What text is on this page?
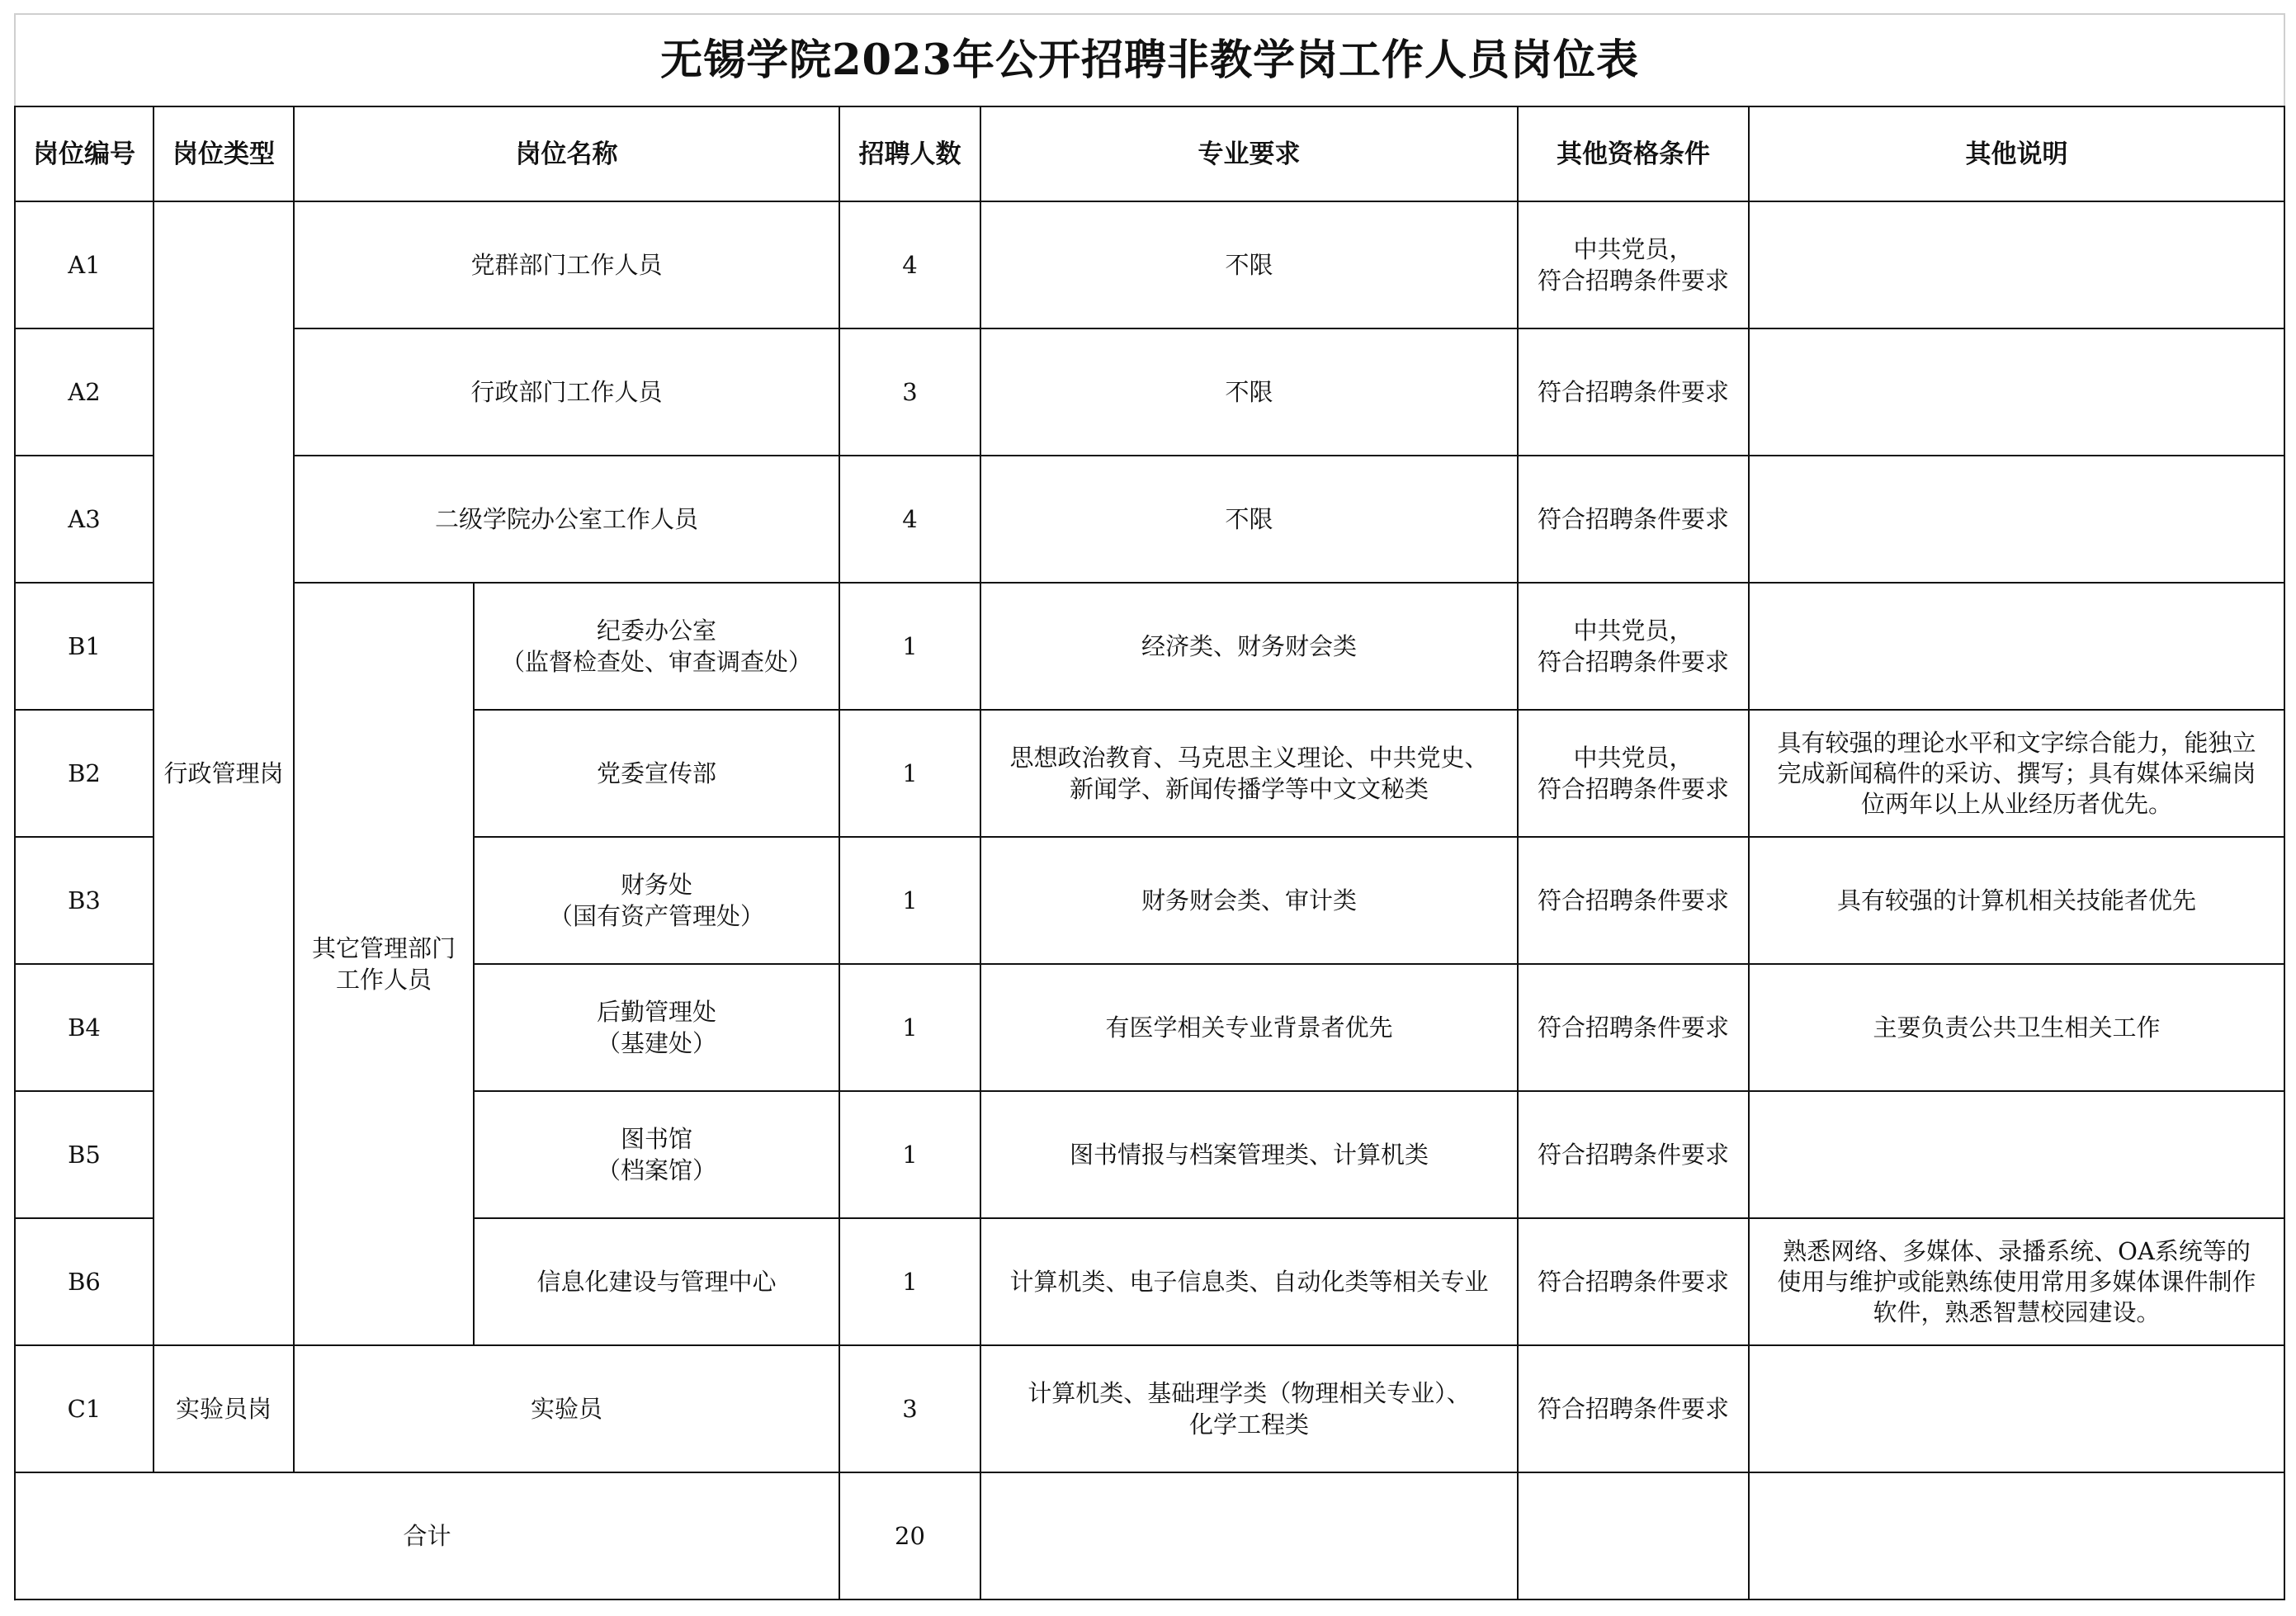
无锡学院2023年公开招聘非教学岗工作人员岗位表							
岗位编号	岗位类型	岗位名称		招聘人数	专业要求	其他资格条件	其他说明
A1	行政管理岗	党群部门工作人员		4	不限	中共党员，
符合招聘条件要求	

A2		行政部门工作人员		3	不限	符合招聘条件要求	
A3		二级学院办公室工作人员		4	不限	符合招聘条件要求	
B1		其它管理部门
工作人员	纪委办公室
（监督检查处、审查调查处）	1	经济类、财务财会类	中共党员，
符合招聘条件要求	

B2			党委宣传部	1	思想政治教育、马克思主义理论、中共党史、
新闻学、新闻传播学等中文文秘类	中共党员，
符合招聘条件要求	具有较强的理论水平和文字综合能力，能独立
完成新闻稿件的采访、撰写；具有媒体采编岗
位两年以上从业经历者优先。

B3			财务处
（国有资产管理处）	1	财务财会类、审计类	符合招聘条件要求	具有较强的计算机相关技能者优先
B4			后勤管理处
（基建处）	1	有医学相关专业背景者优先	符合招聘条件要求	主要负责公共卫生相关工作
B5			图书馆
（档案馆）	1	图书情报与档案管理类、计算机类	符合招聘条件要求	
B6			信息化建设与管理中心	1	计算机类、电子信息类、自动化类等相关专业	符合招聘条件要求	熟悉网络、多媒体、录播系统、OA系统等的
使用与维护或能熟练使用常用多媒体课件制作
软件，熟悉智慧校园建设。

C1	实验员岗	实验员		3	计算机类、基础理学类（物理相关专业）、
化学工程类	符合招聘条件要求	
合计				20			
